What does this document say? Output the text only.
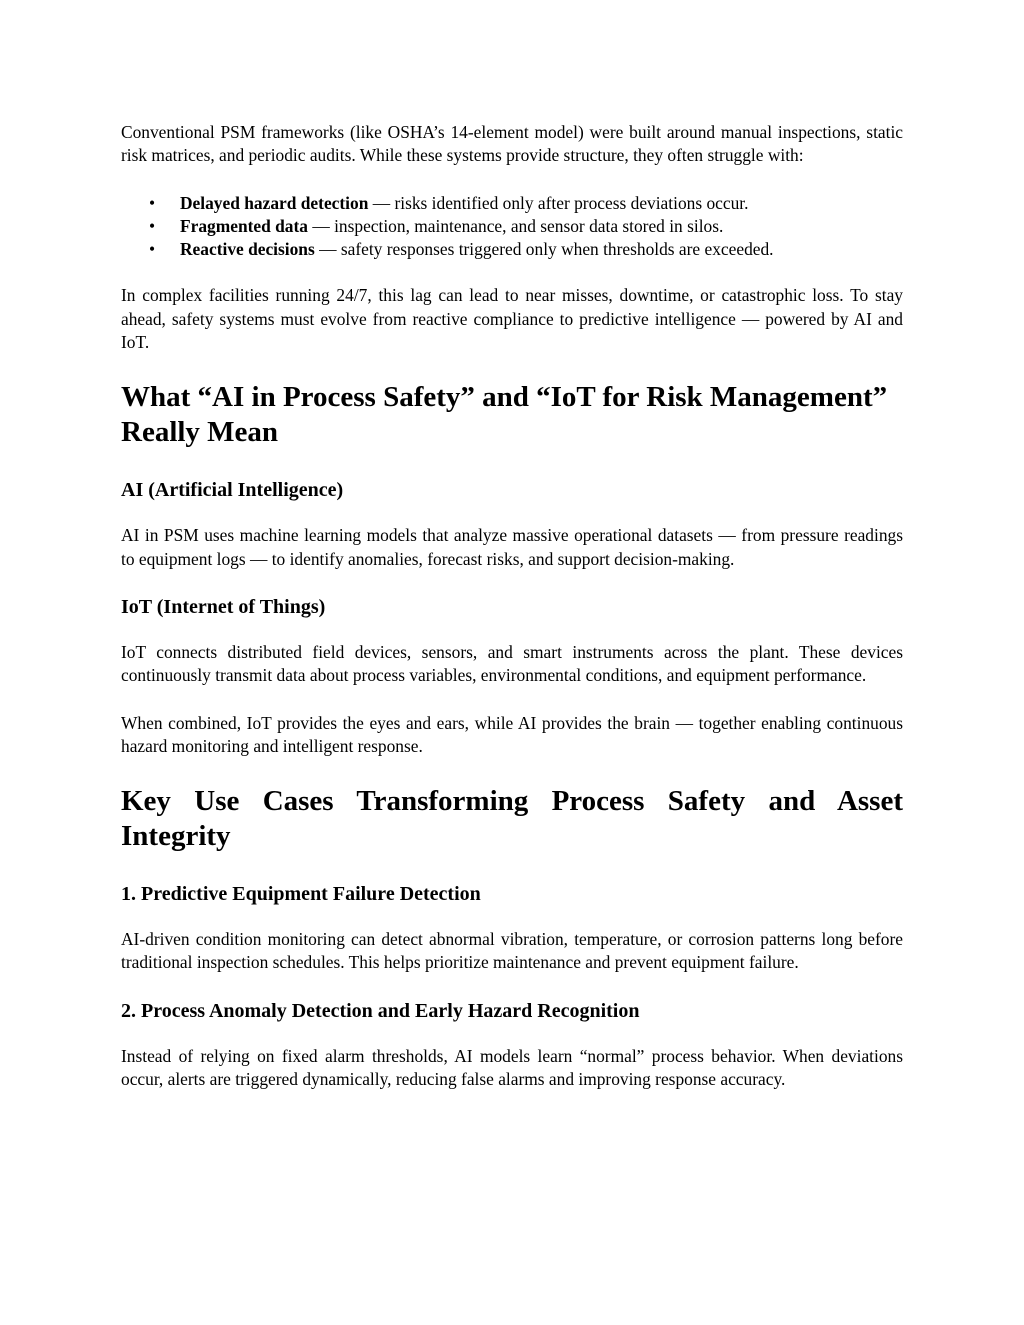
Conventional PSM frameworks (like OSHA’s 14-element model) were built around manual inspections, static risk matrices, and periodic audits. While these systems provide structure, they often struggle with:

• Delayed hazard detection — risks identified only after process deviations occur.
• Fragmented data — inspection, maintenance, and sensor data stored in silos.
• Reactive decisions — safety responses triggered only when thresholds are exceeded.

In complex facilities running 24/7, this lag can lead to near misses, downtime, or catastrophic loss. To stay ahead, safety systems must evolve from reactive compliance to predictive intelligence — powered by AI and IoT.

What “AI in Process Safety” and “IoT for Risk Management” Really Mean
AI (Artificial Intelligence)

AI in PSM uses machine learning models that analyze massive operational datasets — from pressure readings to equipment logs — to identify anomalies, forecast risks, and support decision-making.

IoT (Internet of Things)

IoT connects distributed field devices, sensors, and smart instruments across the plant. These devices continuously transmit data about process variables, environmental conditions, and equipment performance.

When combined, IoT provides the eyes and ears, while AI provides the brain — together enabling continuous hazard monitoring and intelligent response.

Key Use Cases Transforming Process Safety and Asset Integrity
1. Predictive Equipment Failure Detection

AI-driven condition monitoring can detect abnormal vibration, temperature, or corrosion patterns long before traditional inspection schedules. This helps prioritize maintenance and prevent equipment failure.

2. Process Anomaly Detection and Early Hazard Recognition

Instead of relying on fixed alarm thresholds, AI models learn “normal” process behavior. When deviations occur, alerts are triggered dynamically, reducing false alarms and improving response accuracy.
